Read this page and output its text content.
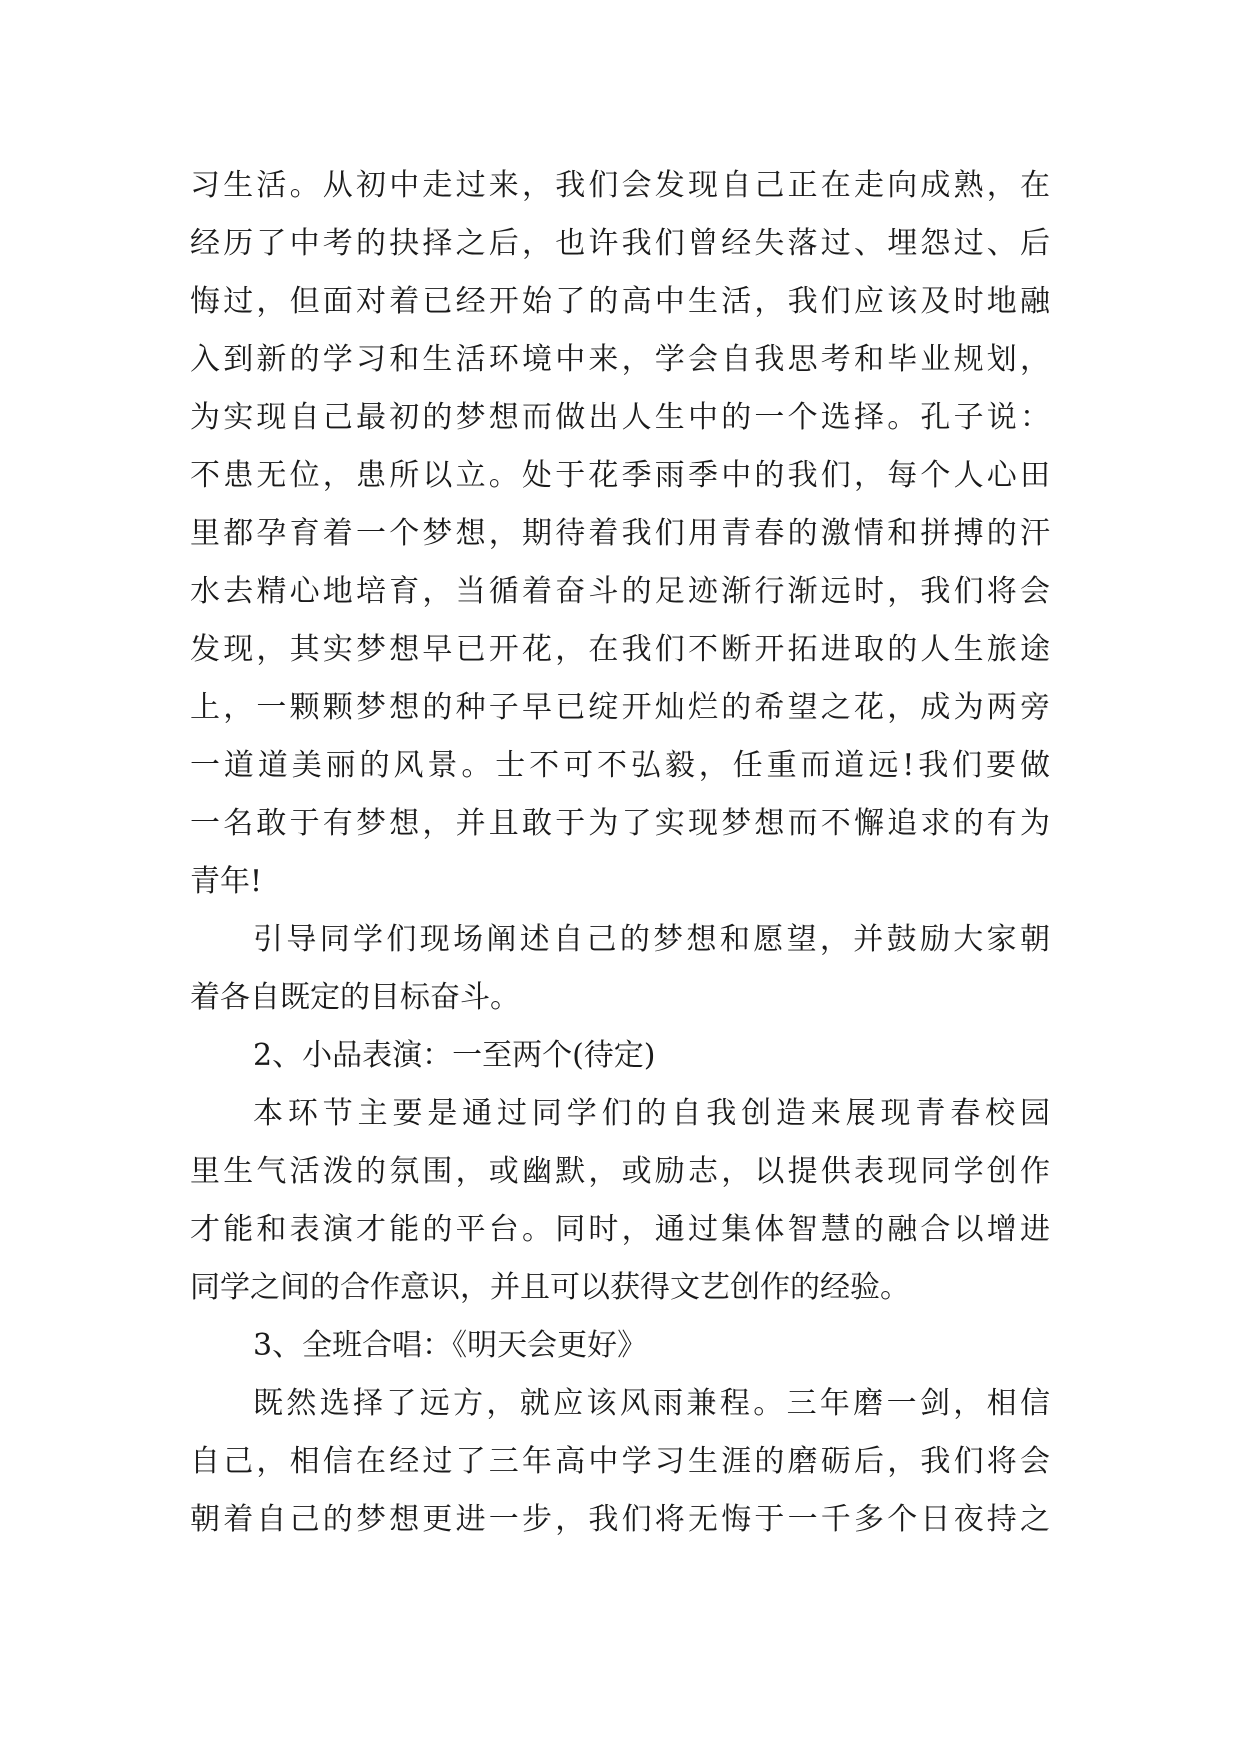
习生活。从初中走过来，我们会发现自己正在走向成熟，在
经历了中考的抉择之后，也许我们曾经失落过、埋怨过、后
悔过，但面对着已经开始了的高中生活，我们应该及时地融
入到新的学习和生活环境中来，学会自我思考和毕业规划，
为实现自己最初的梦想而做出人生中的一个选择。孔子说：
不患无位，患所以立。处于花季雨季中的我们，每个人心田
里都孕育着一个梦想，期待着我们用青春的激情和拼搏的汗
水去精心地培育，当循着奋斗的足迹渐行渐远时，我们将会
发现，其实梦想早已开花，在我们不断开拓进取的人生旅途
上，一颗颗梦想的种子早已绽开灿烂的希望之花，成为两旁
一道道美丽的风景。士不可不弘毅，任重而道远!我们要做
一名敢于有梦想，并且敢于为了实现梦想而不懈追求的有为
青年!
引导同学们现场阐述自己的梦想和愿望，并鼓励大家朝
着各自既定的目标奋斗。
2、小品表演：一至两个(待定)
本环节主要是通过同学们的自我创造来展现青春校园
里生气活泼的氛围，或幽默，或励志，以提供表现同学创作
才能和表演才能的平台。同时，通过集体智慧的融合以增进
同学之间的合作意识，并且可以获得文艺创作的经验。
3、全班合唱：《明天会更好》
既然选择了远方，就应该风雨兼程。三年磨一剑，相信
自己，相信在经过了三年高中学习生涯的磨砺后，我们将会
朝着自己的梦想更进一步，我们将无悔于一千多个日夜持之
